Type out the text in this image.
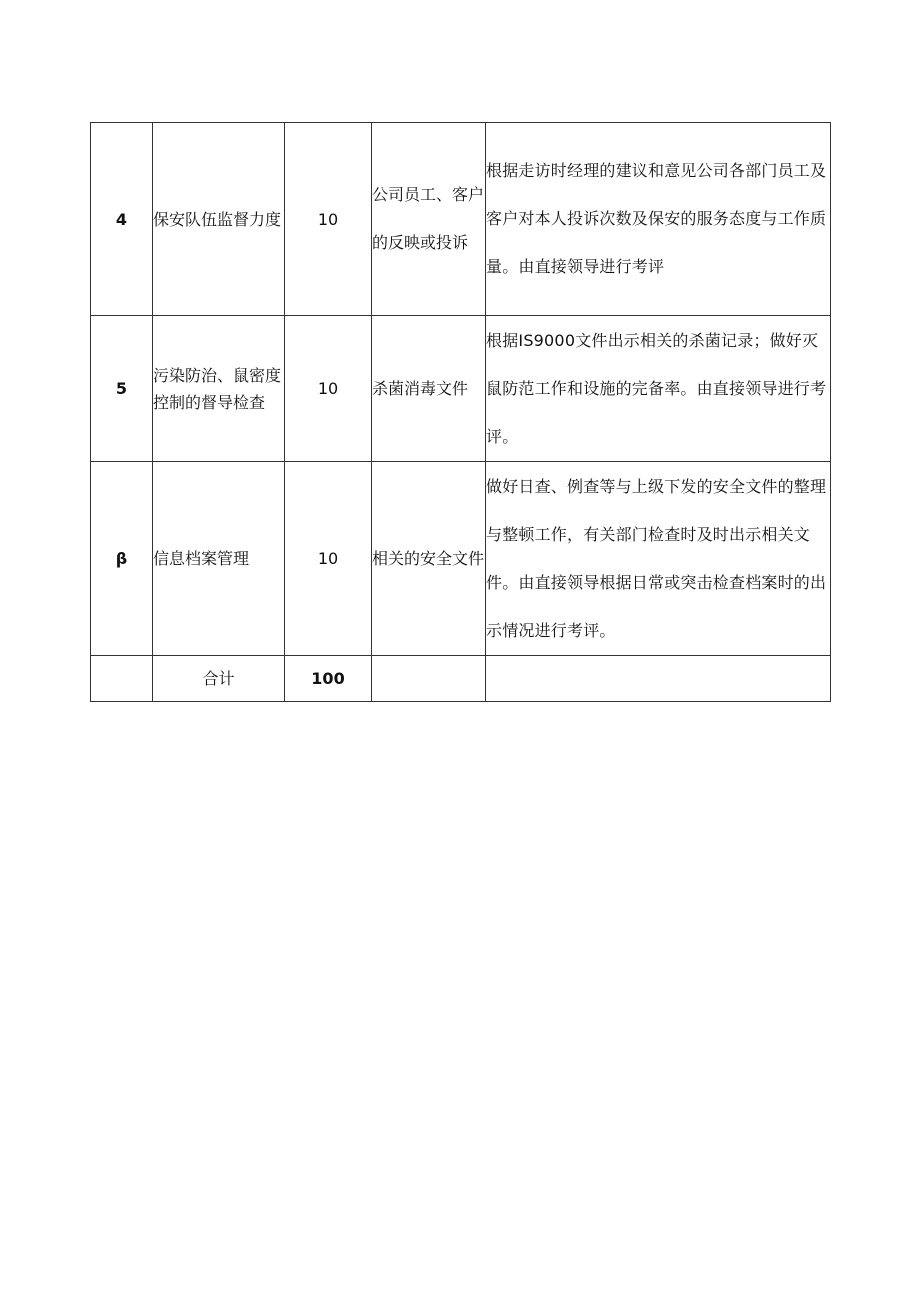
4	保安队伍监督力度	10	公司员工、客户的反映或投诉	根据走访时经理的建议和意见公司各部门员工及客户对本人投诉次数及保安的服务态度与工作质量。由直接领导进行考评
5	污染防治、鼠密度控制的督导检查	10	杀菌消毒文件	根据IS9000文件出示相关的杀菌记录；做好灭鼠防范工作和设施的完备率。由直接领导进行考评。
β	信息档案管理	10	相关的安全文件	做好日查、例查等与上级下发的安全文件的整理与整顿工作，有关部门检查时及时出示相关文件。由直接领导根据日常或突击检查档案时的出示情况进行考评。
	合计	100		
